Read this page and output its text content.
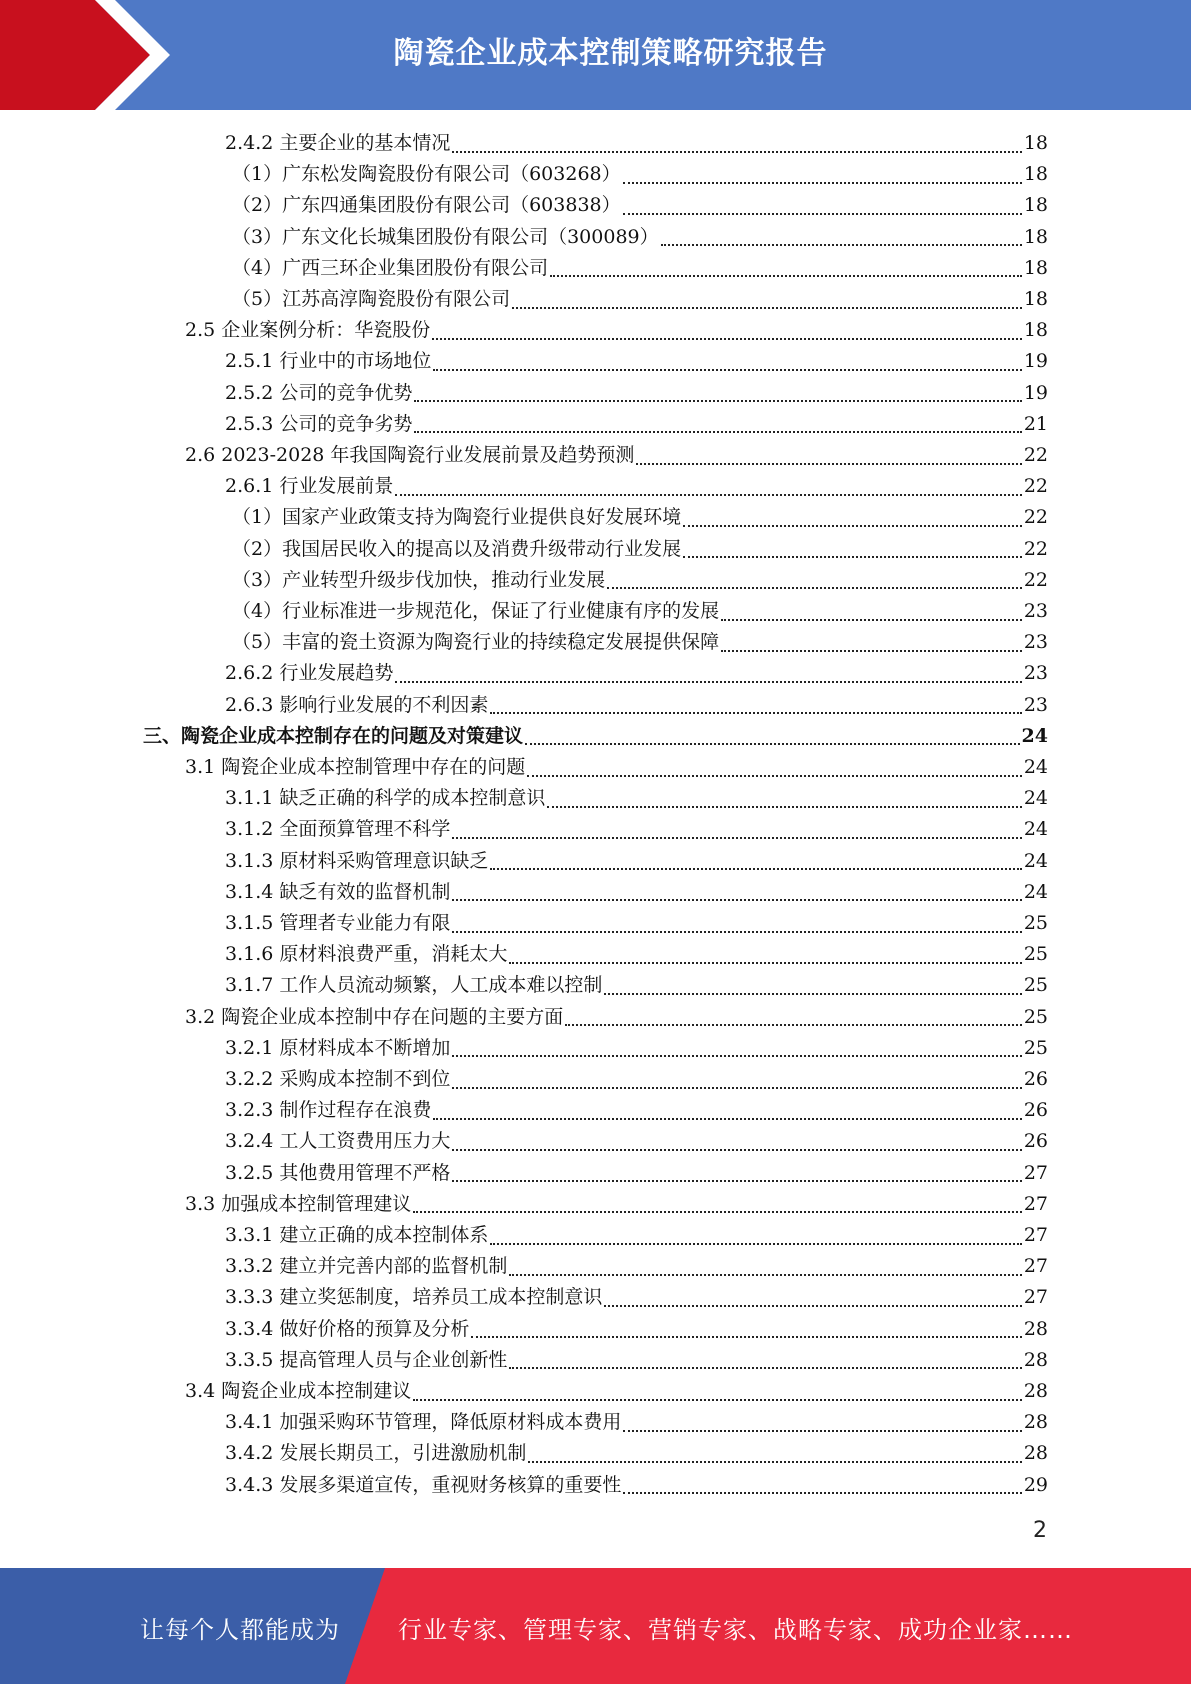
陶瓷企业成本控制策略研究报告
2.4.2 主要企业的基本情况	18
（1）广东松发陶瓷股份有限公司（603268）	18
（2）广东四通集团股份有限公司（603838）	18
（3）广东文化长城集团股份有限公司（300089）	18
（4）广西三环企业集团股份有限公司	18
（5）江苏高淳陶瓷股份有限公司	18
2.5 企业案例分析：华瓷股份	18
2.5.1 行业中的市场地位	19
2.5.2 公司的竞争优势	19
2.5.3 公司的竞争劣势	21
2.6 2023-2028 年我国陶瓷行业发展前景及趋势预测	22
2.6.1 行业发展前景	22
（1）国家产业政策支持为陶瓷行业提供良好发展环境	22
（2）我国居民收入的提高以及消费升级带动行业发展	22
（3）产业转型升级步伐加快，推动行业发展	22
（4）行业标准进一步规范化，保证了行业健康有序的发展	23
（5）丰富的瓷土资源为陶瓷行业的持续稳定发展提供保障	23
2.6.2 行业发展趋势	23
2.6.3 影响行业发展的不利因素	23
三、陶瓷企业成本控制存在的问题及对策建议	24
3.1 陶瓷企业成本控制管理中存在的问题	24
3.1.1 缺乏正确的科学的成本控制意识	24
3.1.2 全面预算管理不科学	24
3.1.3 原材料采购管理意识缺乏	24
3.1.4 缺乏有效的监督机制	24
3.1.5 管理者专业能力有限	25
3.1.6 原材料浪费严重，消耗太大	25
3.1.7 工作人员流动频繁，人工成本难以控制	25
3.2 陶瓷企业成本控制中存在问题的主要方面	25
3.2.1 原材料成本不断增加	25
3.2.2 采购成本控制不到位	26
3.2.3 制作过程存在浪费	26
3.2.4 工人工资费用压力大	26
3.2.5 其他费用管理不严格	27
3.3 加强成本控制管理建议	27
3.3.1 建立正确的成本控制体系	27
3.3.2 建立并完善内部的监督机制	27
3.3.3 建立奖惩制度，培养员工成本控制意识	27
3.3.4 做好价格的预算及分析	28
3.3.5 提高管理人员与企业创新性	28
3.4 陶瓷企业成本控制建议	28
3.4.1 加强采购环节管理，降低原材料成本费用	28
3.4.2 发展长期员工，引进激励机制	28
3.4.3 发展多渠道宣传，重视财务核算的重要性	29
2
让每个人都能成为 行业专家、管理专家、营销专家、战略专家、成功企业家……
